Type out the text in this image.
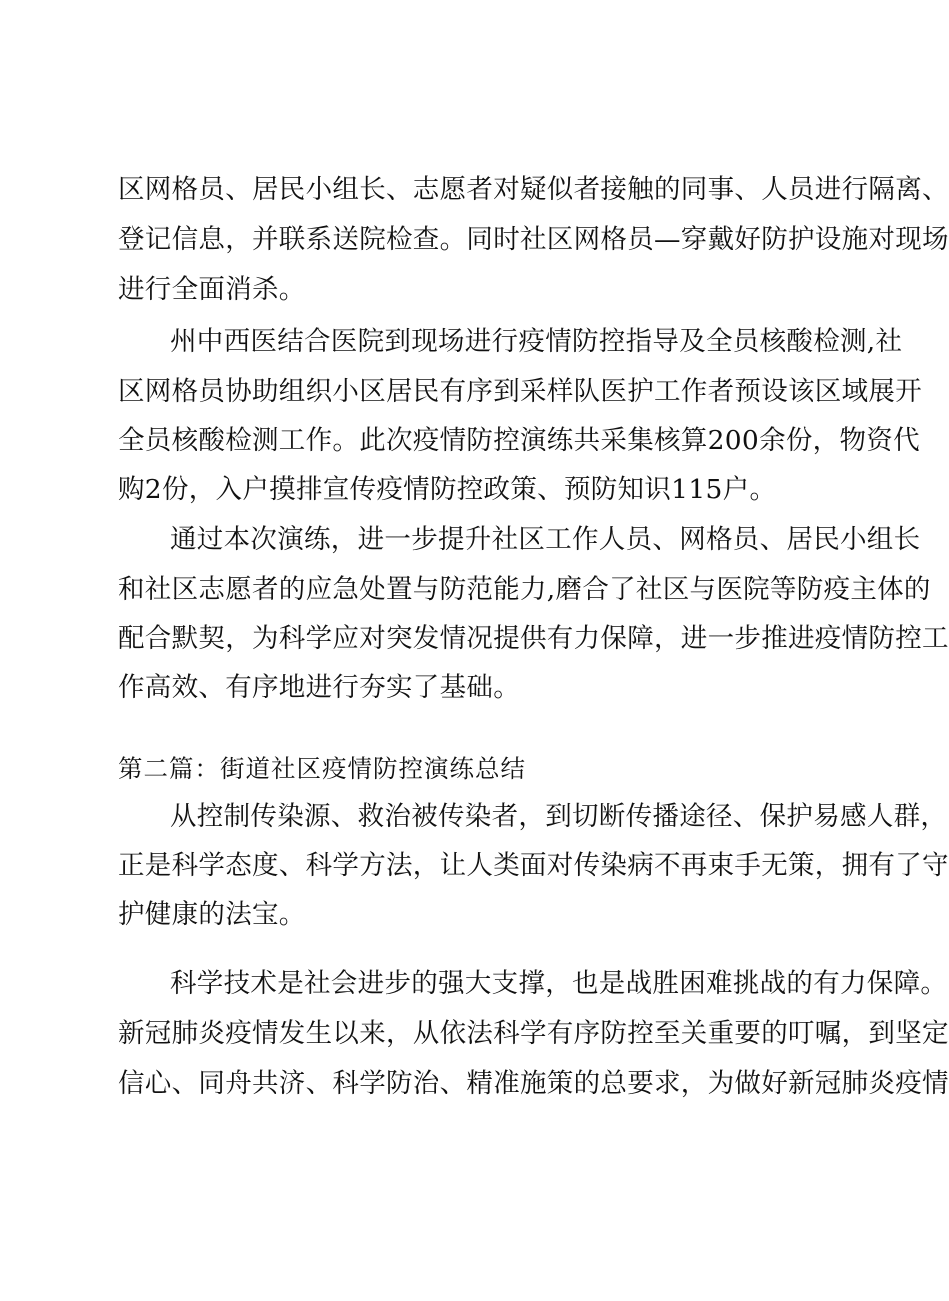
区网格员、居民小组长、志愿者对疑似者接触的同事、人员进行隔离、
登记信息，并联系送院检查。同时社区网格员—穿戴好防护设施对现场
进行全面消杀。
州中西医结合医院到现场进行疫情防控指导及全员核酸检测,社
区网格员协助组织小区居民有序到采样队医护工作者预设该区域展开
全员核酸检测工作。此次疫情防控演练共采集核算200余份，物资代
购2份，入户摸排宣传疫情防控政策、预防知识115户。
通过本次演练，进一步提升社区工作人员、网格员、居民小组长
和社区志愿者的应急处置与防范能力,磨合了社区与医院等防疫主体的
配合默契，为科学应对突发情况提供有力保障，进一步推进疫情防控工
作高效、有序地进行夯实了基础。
第二篇：街道社区疫情防控演练总结
从控制传染源、救治被传染者，到切断传播途径、保护易感人群，
正是科学态度、科学方法，让人类面对传染病不再束手无策，拥有了守
护健康的法宝。
科学技术是社会进步的强大支撑，也是战胜困难挑战的有力保障。
新冠肺炎疫情发生以来，从依法科学有序防控至关重要的叮嘱，到坚定
信心、同舟共济、科学防治、精准施策的总要求，为做好新冠肺炎疫情
